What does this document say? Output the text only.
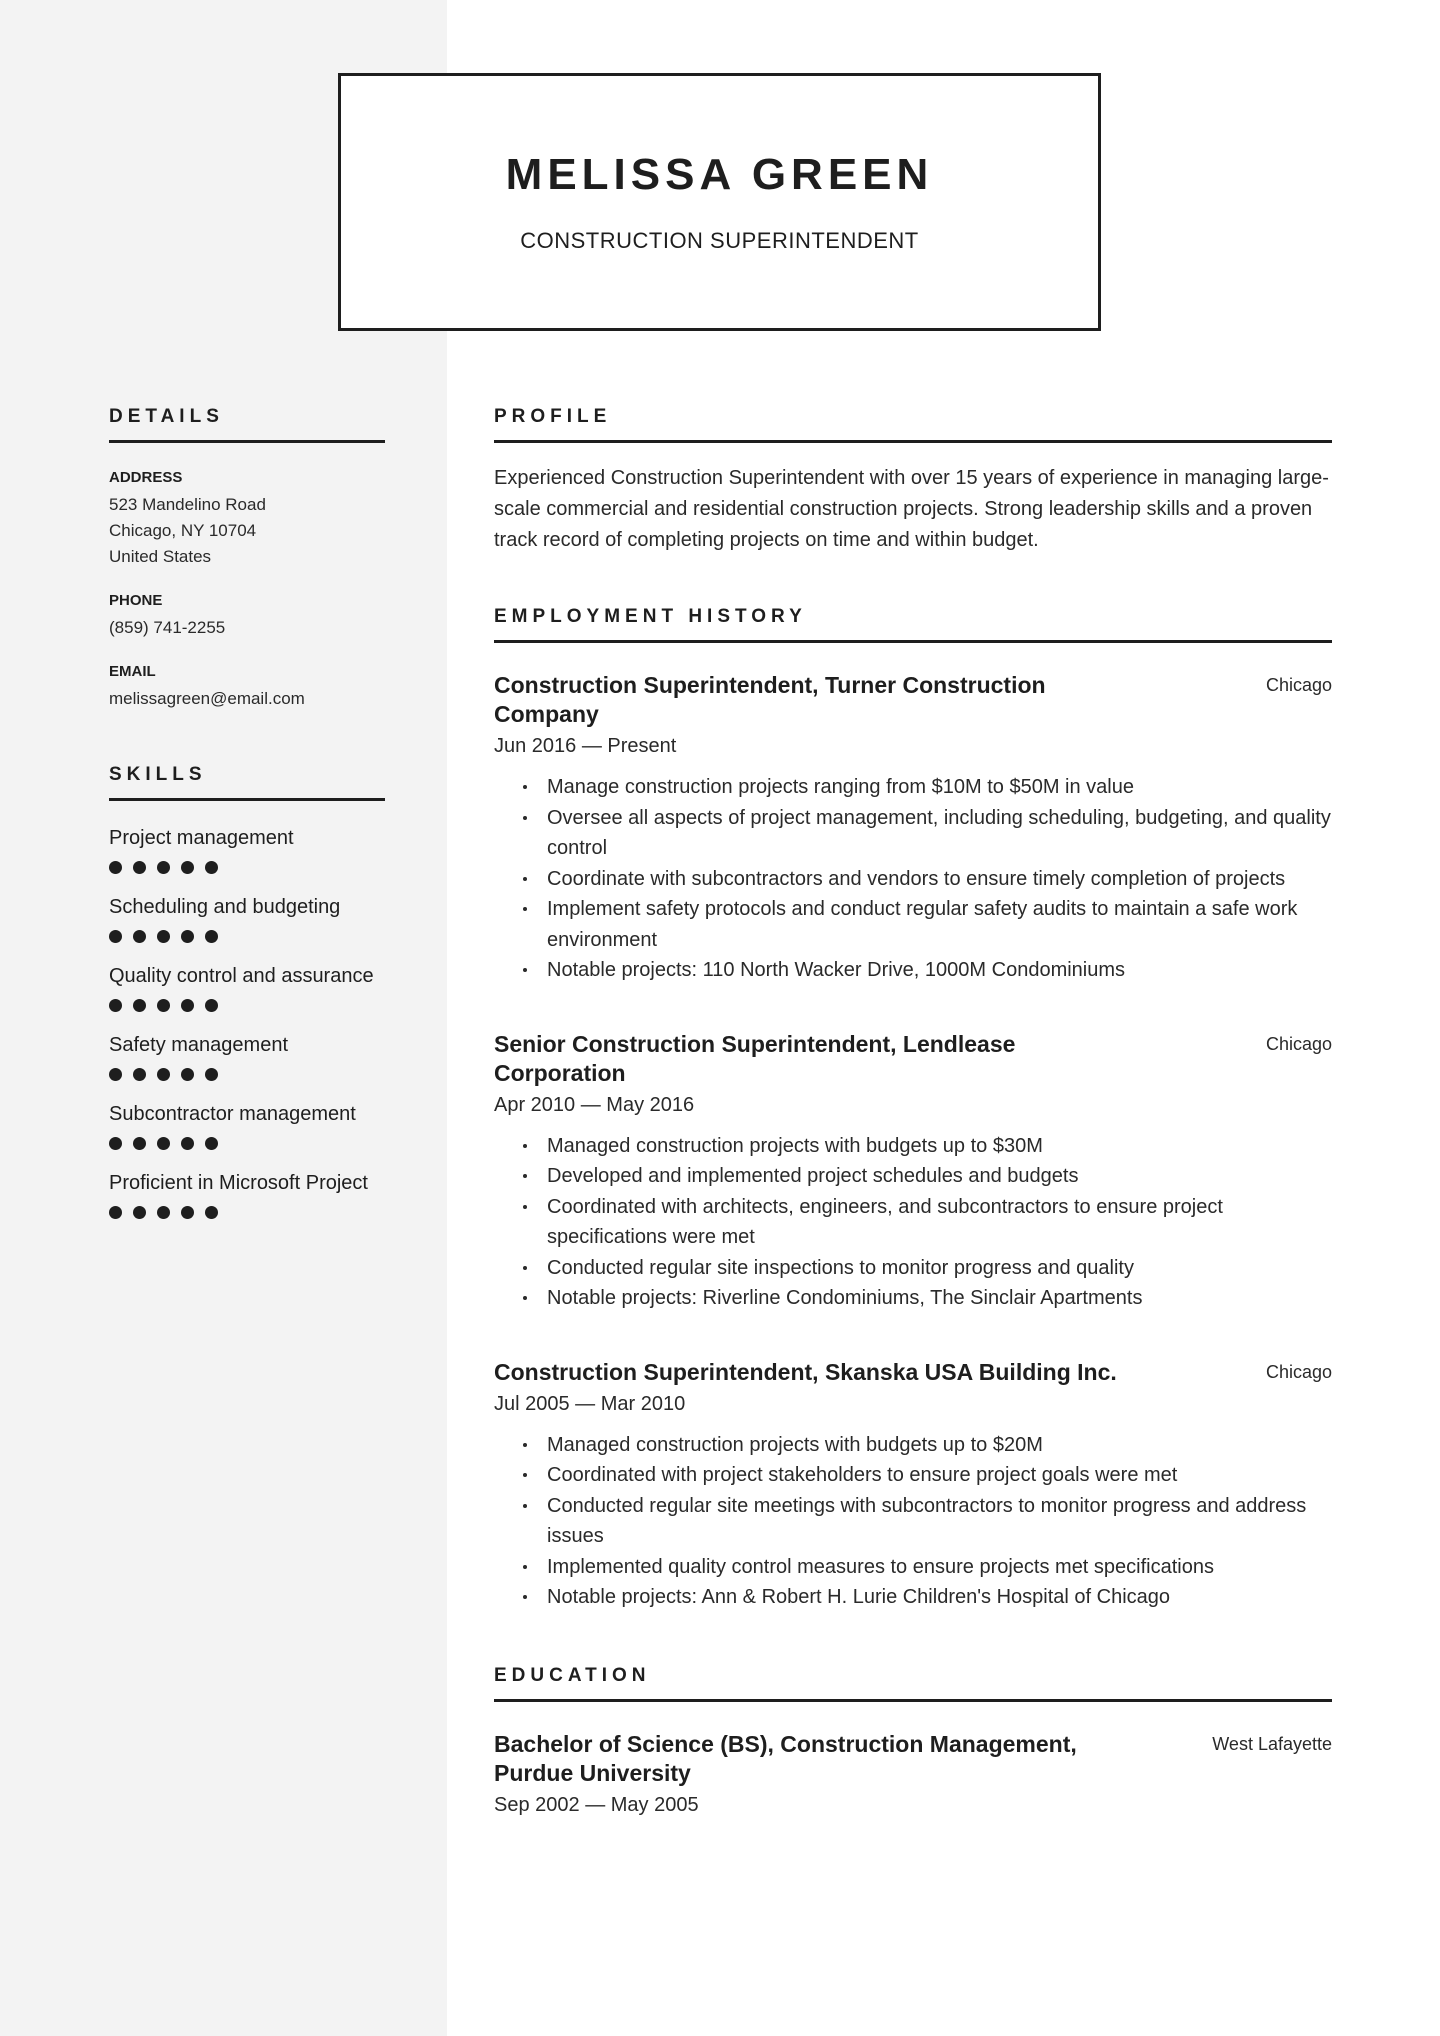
MELISSA GREEN
CONSTRUCTION SUPERINTENDENT
DETAILS
ADDRESS
523 Mandelino Road
Chicago, NY 10704
United States
PHONE
(859) 741-2255
EMAIL
melissagreen@email.com
SKILLS
Project management
Scheduling and budgeting
Quality control and assurance
Safety management
Subcontractor management
Proficient in Microsoft Project
PROFILE
Experienced Construction Superintendent with over 15 years of experience in managing large-scale commercial and residential construction projects. Strong leadership skills and a proven track record of completing projects on time and within budget.
EMPLOYMENT HISTORY
Construction Superintendent, Turner Construction Company
Chicago
Jun 2016 — Present
Manage construction projects ranging from $10M to $50M in value
Oversee all aspects of project management, including scheduling, budgeting, and quality control
Coordinate with subcontractors and vendors to ensure timely completion of projects
Implement safety protocols and conduct regular safety audits to maintain a safe work environment
Notable projects: 110 North Wacker Drive, 1000M Condominiums
Senior Construction Superintendent, Lendlease Corporation
Chicago
Apr 2010 — May 2016
Managed construction projects with budgets up to $30M
Developed and implemented project schedules and budgets
Coordinated with architects, engineers, and subcontractors to ensure project specifications were met
Conducted regular site inspections to monitor progress and quality
Notable projects: Riverline Condominiums, The Sinclair Apartments
Construction Superintendent, Skanska USA Building Inc.	Chicago
Jul 2005 — Mar 2010
Managed construction projects with budgets up to $20M
Coordinated with project stakeholders to ensure project goals were met
Conducted regular site meetings with subcontractors to monitor progress and address issues
Implemented quality control measures to ensure projects met specifications
Notable projects: Ann & Robert H. Lurie Children's Hospital of Chicago
EDUCATION
Bachelor of Science (BS), Construction Management, Purdue University
West Lafayette
Sep 2002 — May 2005
